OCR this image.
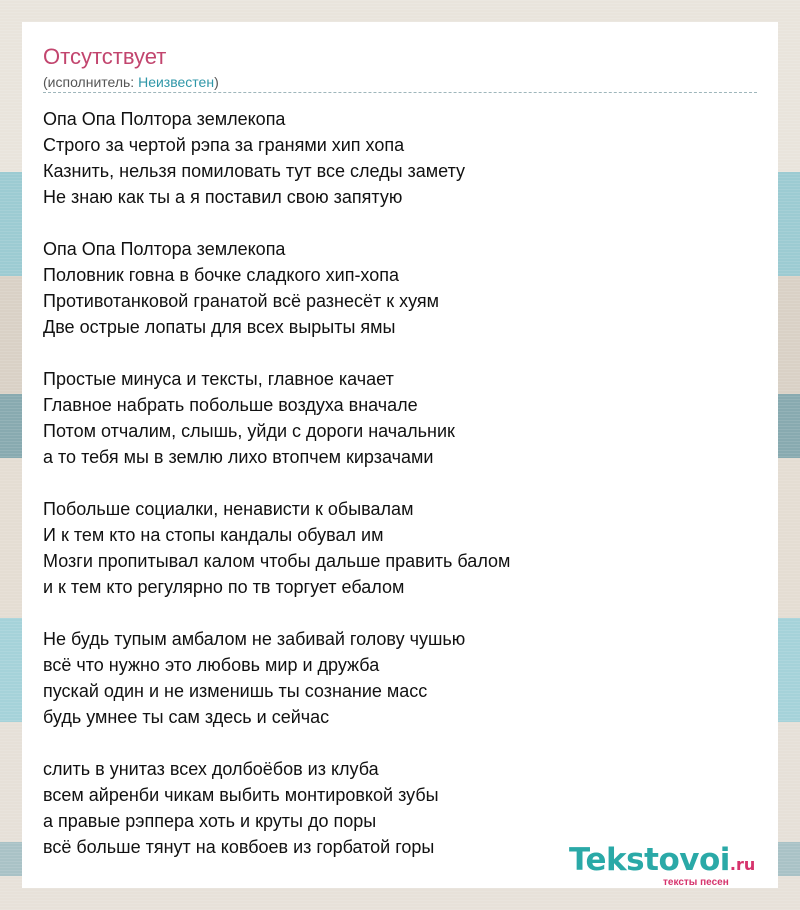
Отсутствует
(исполнитель: Неизвестен)
Опа Опа Полтора землекопа
Строго за чертой рэпа за гранями хип хопа
Казнить, нельзя помиловать тут все следы замету
Не знаю как ты а я поставил свою запятую
Опа Опа Полтора землекопа
Половник говна в бочке сладкого хип-хопа
Противотанковой гранатой всё разнесёт к хуям
Две острые лопаты для всех вырыты ямы
Простые минуса и тексты, главное качает
Главное набрать побольше воздуха вначале
Потом отчалим, слышь, уйди с дороги начальник
а то тебя мы в землю лихо втопчем кирзачами
Побольше социалки, ненависти к обывалам
И к тем кто на стопы кандалы обувал им
Мозги пропитывал калом чтобы дальше править балом
и к тем кто регулярно по тв торгует ебалом
Не будь тупым амбалом не забивай голову чушью
всё что нужно это любовь мир и дружба
пускай один и не изменишь ты сознание масс
будь умнее ты сам здесь и сейчас
слить в унитаз всех долбоёбов из клуба
всем айренби чикам выбить монтировкой зубы
а правые рэппера хоть и круты до поры
всё больше тянут на ковбоев из горбатой горы	Tekstovoi.ru
тексты песен
